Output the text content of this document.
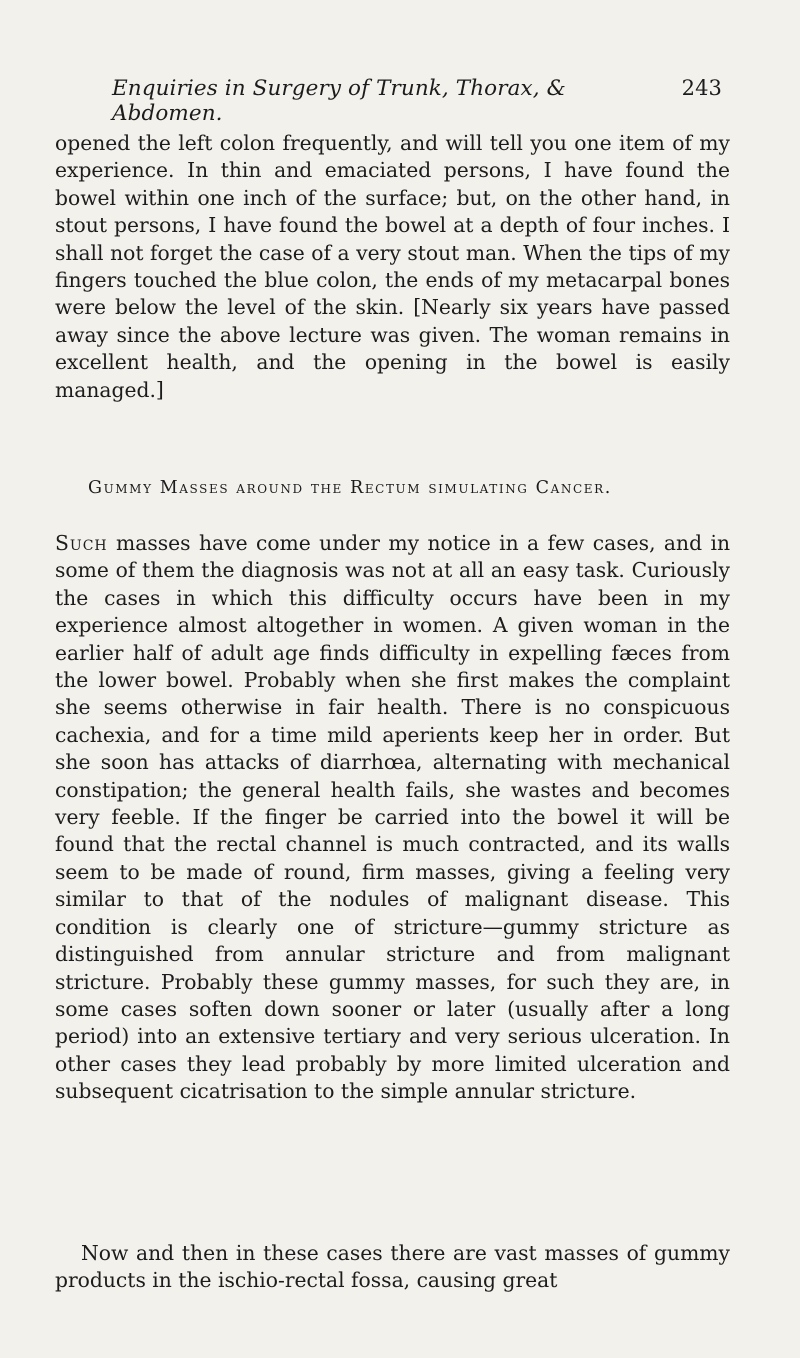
Enquiries in Surgery of Trunk, Thorax, & Abdomen.
243

opened the left colon frequently, and will tell you one item of my experience. In thin and emaciated persons, I have found the bowel within one inch of the surface; but, on the other hand, in stout persons, I have found the bowel at a depth of four inches. I shall not forget the case of a very stout man. When the tips of my fingers touched the blue colon, the ends of my metacarpal bones were below the level of the skin. [Nearly six years have passed away since the above lecture was given. The woman remains in excellent health, and the opening in the bowel is easily managed.]

Gummy Masses around the Rectum simulating Cancer.

Such masses have come under my notice in a few cases, and in some of them the diagnosis was not at all an easy task. Curiously the cases in which this difficulty occurs have been in my experience almost altogether in women. A given woman in the earlier half of adult age finds difficulty in expelling fæces from the lower bowel. Probably when she first makes the complaint she seems otherwise in fair health. There is no conspicuous cachexia, and for a time mild aperients keep her in order. But she soon has attacks of diarrhœa, alternating with mechanical constipation; the general health fails, she wastes and becomes very feeble. If the finger be carried into the bowel it will be found that the rectal channel is much contracted, and its walls seem to be made of round, firm masses, giving a feeling very similar to that of the nodules of malignant disease. This condition is clearly one of stricture—gummy stricture as distinguished from annular stricture and from malignant stricture. Probably these gummy masses, for such they are, in some cases soften down sooner or later (usually after a long period) into an extensive tertiary and very serious ulceration. In other cases they lead probably by more limited ulceration and subsequent cicatrisation to the simple annular stricture.

Now and then in these cases there are vast masses of gummy products in the ischio-rectal fossa, causing great
